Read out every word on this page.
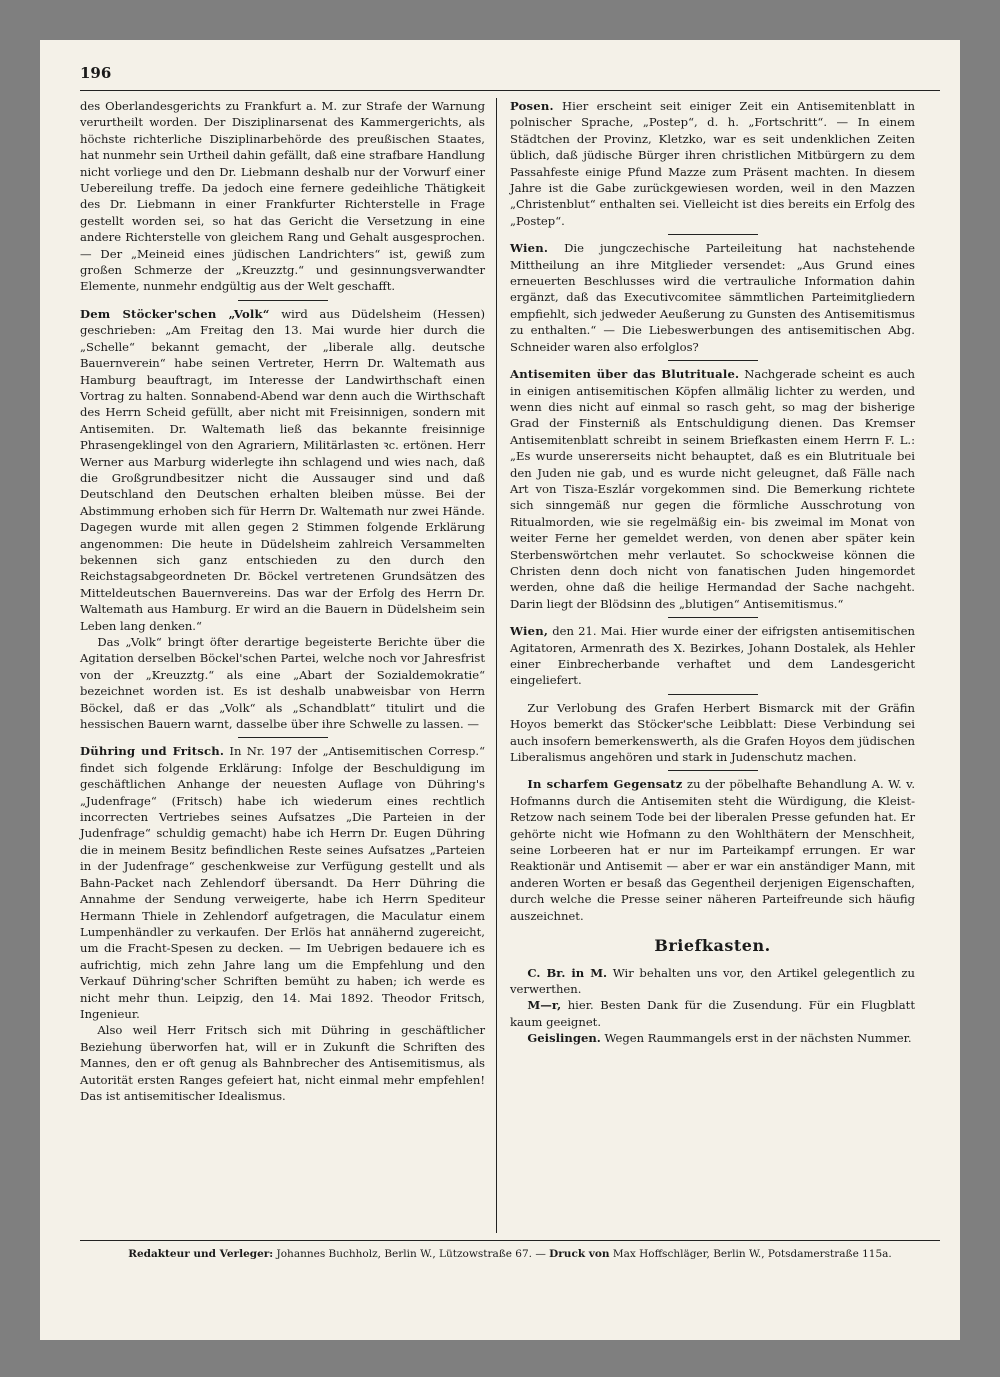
196

des Oberlandesgerichts zu Frankfurt a. M. zur Strafe der Warnung verurtheilt worden. Der Disziplinarsenat des Kammergerichts, als höchste richterliche Disziplinarbehörde des preußischen Staates, hat nunmehr sein Urtheil dahin gefällt, daß eine strafbare Handlung nicht vorliege und den Dr. Liebmann deshalb nur der Vorwurf einer Uebereilung treffe. Da jedoch eine fernere gedeihliche Thätigkeit des Dr. Liebmann in einer Frankfurter Richterstelle in Frage gestellt worden sei, so hat das Gericht die Versetzung in eine andere Richterstelle von gleichem Rang und Gehalt ausgesprochen. — Der „Meineid eines jüdischen Landrichters“ ist, gewiß zum großen Schmerze der „Kreuzztg.“ und gesinnungsverwandter Elemente, nunmehr endgültig aus der Welt geschafft.

Dem Stöcker'schen „Volk“ wird aus Düdelsheim (Hessen) geschrieben: „Am Freitag den 13. Mai wurde hier durch die „Schelle“ bekannt gemacht, der „liberale allg. deutsche Bauernverein“ habe seinen Vertreter, Herrn Dr. Waltemath aus Hamburg beauftragt, im Interesse der Landwirthschaft einen Vortrag zu halten. Sonnabend-Abend war denn auch die Wirthschaft des Herrn Scheid gefüllt, aber nicht mit Freisinnigen, sondern mit Antisemiten. Dr. Waltemath ließ das bekannte freisinnige Phrasengeklingel von den Agrariern, Militärlasten ꝛc. ertönen. Herr Werner aus Marburg widerlegte ihn schlagend und wies nach, daß die Großgrundbesitzer nicht die Aussauger sind und daß Deutschland den Deutschen erhalten bleiben müsse. Bei der Abstimmung erhoben sich für Herrn Dr. Waltemath nur zwei Hände. Dagegen wurde mit allen gegen 2 Stimmen folgende Erklärung angenommen: Die heute in Düdelsheim zahlreich Versammelten bekennen sich ganz entschieden zu den durch den Reichstagsabgeordneten Dr. Böckel vertretenen Grundsätzen des Mitteldeutschen Bauernvereins. Das war der Erfolg des Herrn Dr. Waltemath aus Hamburg. Er wird an die Bauern in Düdelsheim sein Leben lang denken.“

Das „Volk“ bringt öfter derartige begeisterte Berichte über die Agitation derselben Böckel'schen Partei, welche noch vor Jahresfrist von der „Kreuzztg.“ als eine „Abart der Sozialdemokratie“ bezeichnet worden ist. Es ist deshalb unabweisbar von Herrn Böckel, daß er das „Volk“ als „Schandblatt“ titulirt und die hessischen Bauern warnt, dasselbe über ihre Schwelle zu lassen. —

Dühring und Fritsch. In Nr. 197 der „Antisemitischen Corresp.“ findet sich folgende Erklärung: Infolge der Beschuldigung im geschäftlichen Anhange der neuesten Auflage von Dühring's „Judenfrage“ (Fritsch) habe ich wiederum eines rechtlich incorrecten Vertriebes seines Aufsatzes „Die Parteien in der Judenfrage“ schuldig gemacht) habe ich Herrn Dr. Eugen Dühring die in meinem Besitz befindlichen Reste seines Aufsatzes „Parteien in der Judenfrage“ geschenkweise zur Verfügung gestellt und als Bahn-Packet nach Zehlendorf übersandt. Da Herr Dühring die Annahme der Sendung verweigerte, habe ich Herrn Spediteur Hermann Thiele in Zehlendorf aufgetragen, die Maculatur einem Lumpenhändler zu verkaufen. Der Erlös hat annähernd zugereicht, um die Fracht-Spesen zu decken. — Im Uebrigen bedauere ich es aufrichtig, mich zehn Jahre lang um die Empfehlung und den Verkauf Dühring'scher Schriften bemüht zu haben; ich werde es nicht mehr thun. Leipzig, den 14. Mai 1892. Theodor Fritsch, Ingenieur.

Also weil Herr Fritsch sich mit Dühring in geschäftlicher Beziehung überworfen hat, will er in Zukunft die Schriften des Mannes, den er oft genug als Bahnbrecher des Antisemitismus, als Autorität ersten Ranges gefeiert hat, nicht einmal mehr empfehlen! Das ist antisemitischer Idealismus.

Posen. Hier erscheint seit einiger Zeit ein Antisemitenblatt in polnischer Sprache, „Postep“, d. h. „Fortschritt“. — In einem Städtchen der Provinz, Kletzko, war es seit undenklichen Zeiten üblich, daß jüdische Bürger ihren christlichen Mitbürgern zu dem Passahfeste einige Pfund Mazze zum Präsent machten. In diesem Jahre ist die Gabe zurückgewiesen worden, weil in den Mazzen „Christenblut“ enthalten sei. Vielleicht ist dies bereits ein Erfolg des „Postep“.

Wien. Die jungczechische Parteileitung hat nachstehende Mittheilung an ihre Mitglieder versendet: „Aus Grund eines erneuerten Beschlusses wird die vertrauliche Information dahin ergänzt, daß das Executivcomitee sämmtlichen Parteimitgliedern empfiehlt, sich jedweder Aeußerung zu Gunsten des Antisemitismus zu enthalten.“ — Die Liebeswerbungen des antisemitischen Abg. Schneider waren also erfolglos?

Antisemiten über das Blutrituale. Nachgerade scheint es auch in einigen antisemitischen Köpfen allmälig lichter zu werden, und wenn dies nicht auf einmal so rasch geht, so mag der bisherige Grad der Finsterniß als Entschuldigung dienen. Das Kremser Antisemitenblatt schreibt in seinem Briefkasten einem Herrn F. L.: „Es wurde unsererseits nicht behauptet, daß es ein Blutrituale bei den Juden nie gab, und es wurde nicht geleugnet, daß Fälle nach Art von Tisza-Eszlár vorgekommen sind. Die Bemerkung richtete sich sinngemäß nur gegen die förmliche Ausschrotung von Ritualmorden, wie sie regelmäßig ein- bis zweimal im Monat von weiter Ferne her gemeldet werden, von denen aber später kein Sterbenswörtchen mehr verlautet. So schockweise können die Christen denn doch nicht von fanatischen Juden hingemordet werden, ohne daß die heilige Hermandad der Sache nachgeht. Darin liegt der Blödsinn des „blutigen“ Antisemitismus.“

Wien, den 21. Mai. Hier wurde einer der eifrigsten antisemitischen Agitatoren, Armenrath des X. Bezirkes, Johann Dostalek, als Hehler einer Einbrecherbande verhaftet und dem Landesgericht eingeliefert.

Zur Verlobung des Grafen Herbert Bismarck mit der Gräfin Hoyos bemerkt das Stöcker'sche Leibblatt: Diese Verbindung sei auch insofern bemerkenswerth, als die Grafen Hoyos dem jüdischen Liberalismus angehören und stark in Judenschutz machen.

In scharfem Gegensatz zu der pöbelhafte Behandlung A. W. v. Hofmanns durch die Antisemiten steht die Würdigung, die Kleist-Retzow nach seinem Tode bei der liberalen Presse gefunden hat. Er gehörte nicht wie Hofmann zu den Wohlthätern der Menschheit, seine Lorbeeren hat er nur im Parteikampf errungen. Er war Reaktionär und Antisemit — aber er war ein anständiger Mann, mit anderen Worten er besaß das Gegentheil derjenigen Eigenschaften, durch welche die Presse seiner näheren Parteifreunde sich häufig auszeichnet.

Briefkasten.

C. Br. in M. Wir behalten uns vor, den Artikel gelegentlich zu verwerthen.

M—r, hier. Besten Dank für die Zusendung. Für ein Flugblatt kaum geeignet.

Geislingen. Wegen Raummangels erst in der nächsten Nummer.

Redakteur und Verleger: Johannes Buchholz, Berlin W., Lützowstraße 67. — Druck von Max Hoffschläger, Berlin W., Potsdamerstraße 115a.
